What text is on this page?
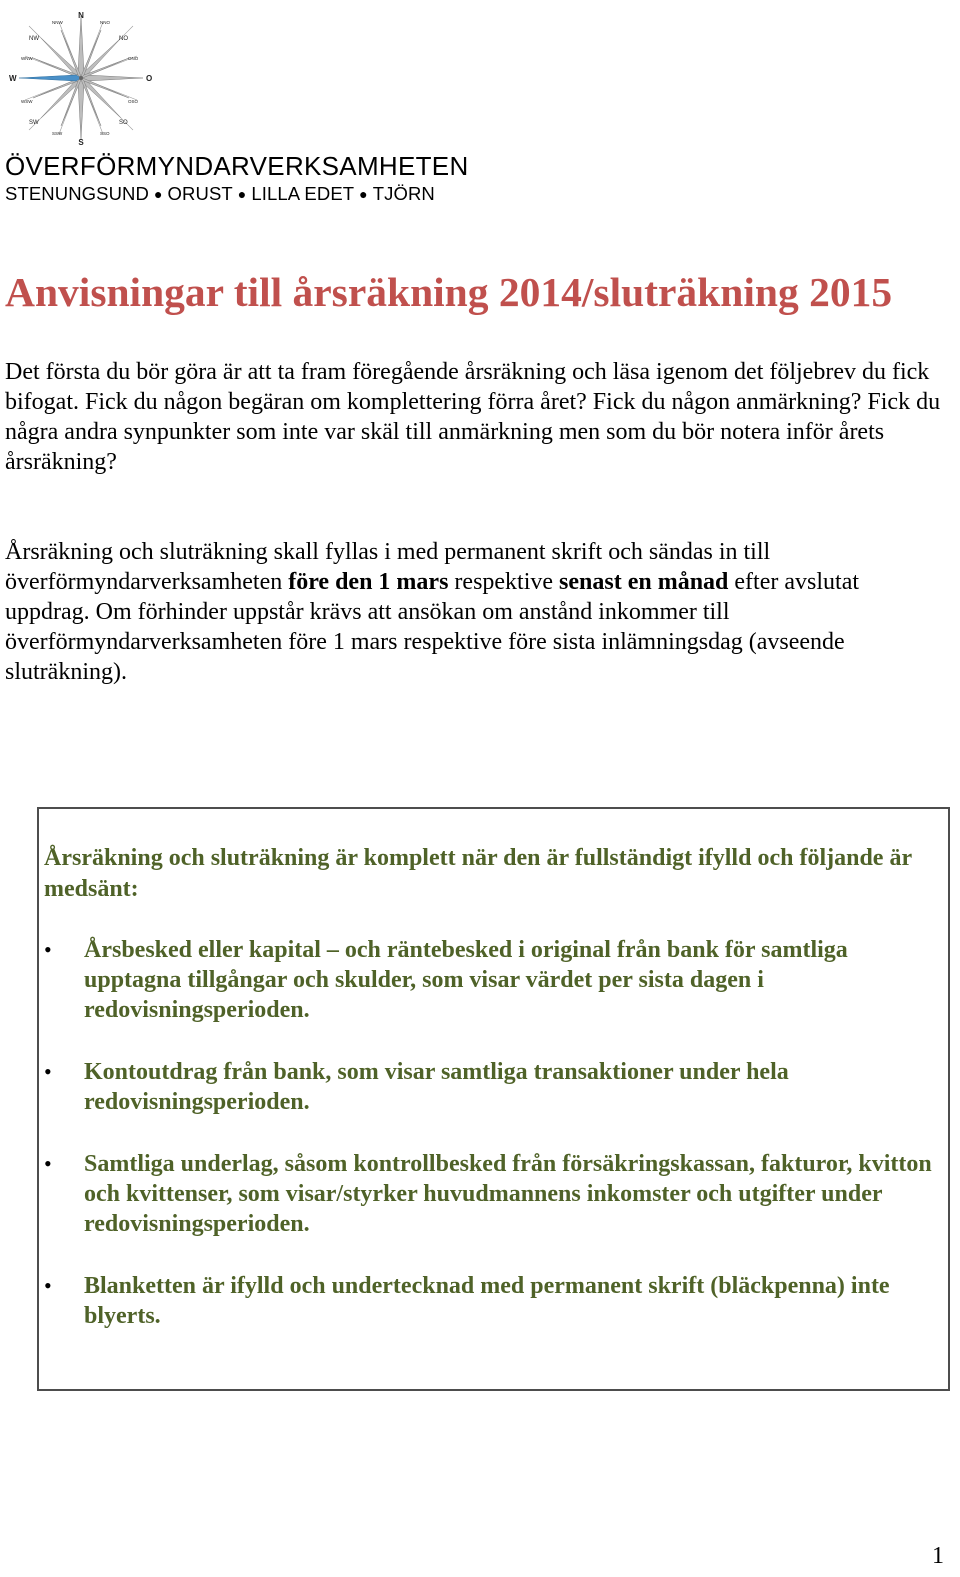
N
S
W	O
NW	NO
SW	SO
NNW	NNO
WNW	ONO
WSW	OSO
SSW	SSO
ÖVERFÖRMYNDARVERKSAMHETEN
STENUNGSUND ● ORUST ● LILLA EDET ● TJÖRN
Anvisningar till årsräkning 2014/sluträkning 2015

Det första du bör göra är att ta fram föregående årsräkning och läsa igenom det följebrev du fick bifogat. Fick du någon begäran om komplettering förra året? Fick du någon anmärkning? Fick du några andra synpunkter som inte var skäl till anmärkning men som du bör notera inför årets årsräkning?

Årsräkning och sluträkning skall fyllas i med permanent skrift och sändas in till överförmyndarverksamheten före den 1 mars respektive senast en månad efter avslutat uppdrag. Om förhinder uppstår krävs att ansökan om anstånd inkommer till överförmyndarverksamheten före 1 mars respektive före sista inlämningsdag (avseende sluträkning).

Årsräkning och sluträkning är komplett när den är fullständigt ifylld och följande är medsänt:

• Årsbesked eller kapital – och räntebesked i original från bank för samtliga upptagna tillgångar och skulder, som visar värdet per sista dagen i redovisningsperioden.
• Kontoutdrag från bank, som visar samtliga transaktioner under hela redovisningsperioden.
• Samtliga underlag, såsom kontrollbesked från försäkringskassan, fakturor, kvitton och kvittenser, som visar/styrker huvudmannens inkomster och utgifter under redovisningsperioden.
• Blanketten är ifylld och undertecknad med permanent skrift (bläckpenna) inte blyerts.
1
